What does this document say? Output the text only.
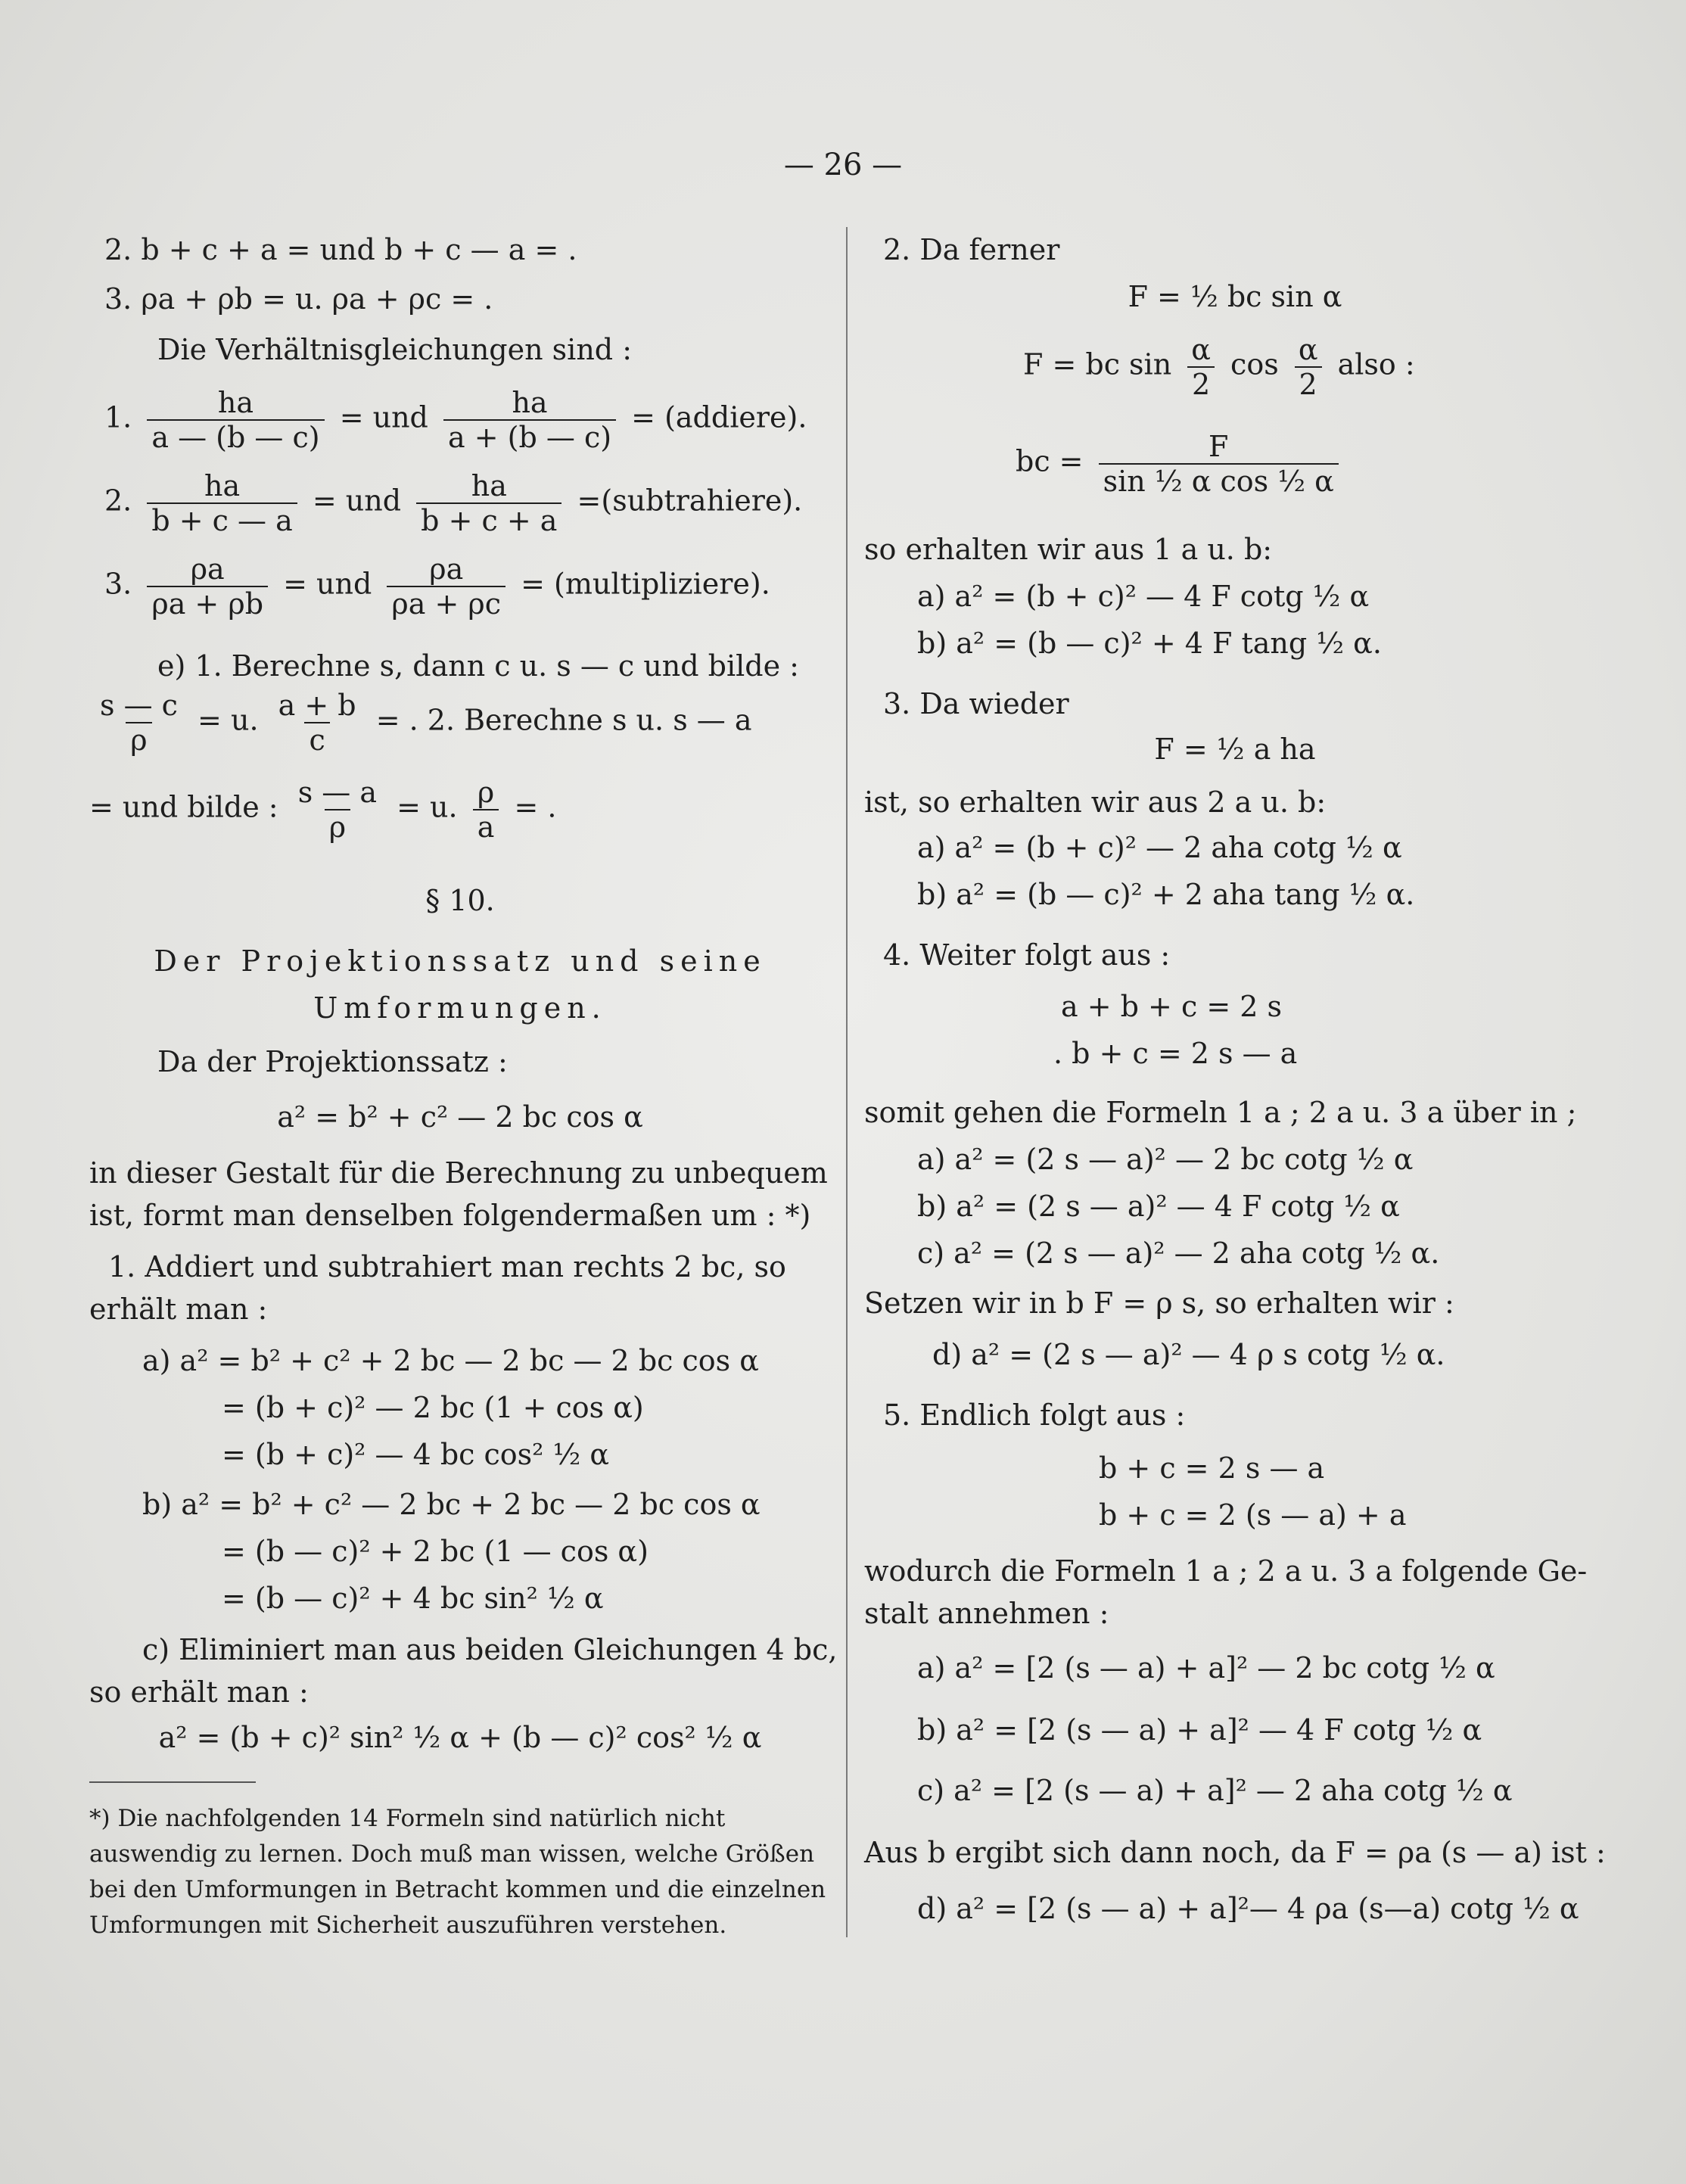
— 26 —
2. b + c + a = und b + c — a = .
3. ρa + ρb = u. ρa + ρc = .
Die Verhältnisgleichungen sind :
1. $\frac{ha}{a — (b — c)}$ = und $\frac{ha}{a + (b — c)}$ = (addiere).
2. $\frac{ha}{b + c — a}$ = und $\frac{ha}{b + c + a}$ =(subtrahiere).
3. $\frac{\rho a}{\rho a + \rho b}$ = und $\frac{\rho a}{\rho a + \rho c}$ = (multipliziere).
e) 1. Berechne s, dann c u. s — c und bilde :
$\frac{s — c}{\rho} = u$. $\frac{a + b}{c}$ = . 2. Berechne s u. s — a
= und bilde : $\frac{s — a}{\rho} = u$. $\frac{\rho}{a}$ = .
§ 10.
Der Projektionssatz und seine
Umformungen.
Da der Projektionssatz :
a² = b² + c² — 2 bc cos α
in dieser Gestalt für die Berechnung zu unbequem
ist, formt man denselben folgendermaßen um : *)
1. Addiert und subtrahiert man rechts 2 bc, so
erhält man :
a) a² = b² + c² + 2 bc — 2 bc — 2 bc cos α
= (b + c)² — 2 bc (1 + cos α)
= (b + c)² — 4 bc cos² ½ α
b) a² = b² + c² — 2 bc + 2 bc — 2 bc cos α
= (b — c)² + 2 bc (1 — cos α)
= (b — c)² + 4 bc sin² ½ α
c) Eliminiert man aus beiden Gleichungen 4 bc,
so erhält man :
a² = (b + c)² sin² ½ α + (b — c)² cos² ½ α
*) Die nachfolgenden 14 Formeln sind natürlich nicht auswendig zu lernen. Doch muß man wissen, welche Größen bei den Umformungen in Betracht kommen und die einzelnen Umformungen mit Sicherheit auszuführen verstehen.
2. Da ferner
F = ½ bc sin α
F = bc $\sin \frac{\alpha}{2}$ $\cos \frac{\alpha}{2}$ also :
bc = $\frac{F}{\text{sin ½ α cos ½ α}}$
so erhalten wir aus 1 a u. b:
a) a² = (b + c)² — 4 F cotg ½ α
b) a² = (b — c)² + 4 F tang ½ α.
3. Da wieder
F = ½ a ha
ist, so erhalten wir aus 2 a u. b:
a) a² = (b + c)² — 2 aha cotg ½ α
b) a² = (b — c)² + 2 aha tang ½ α.
4. Weiter folgt aus :
a + b + c = 2 s
. b + c = 2 s — a
somit gehen die Formeln 1 a ; 2 a u. 3 a über in ;
a) a² = (2 s — a)² — 2 bc cotg ½ α
b) a² = (2 s — a)² — 4 F cotg ½ α
c) a² = (2 s — a)² — 2 aha cotg ½ α.
Setzen wir in b F = ρ s, so erhalten wir :
d) a² = (2 s — a)² — 4 ρ s cotg ½ α.
5. Endlich folgt aus :
b + c = 2 s — a
b + c = 2 (s — a) + a
wodurch die Formeln 1 a ; 2 a u. 3 a folgende Ge-
stalt annehmen :
a) a² = [2 (s — a) + a]² — 2 bc cotg ½ α
b) a² = [2 (s — a) + a]² — 4 F cotg ½ α
c) a² = [2 (s — a) + a]² — 2 aha cotg ½ α
Aus b ergibt sich dann noch, da F = ρa (s — a) ist :
d) a² = [2 (s — a) + a]²— 4 ρa (s—a) cotg ½ α
